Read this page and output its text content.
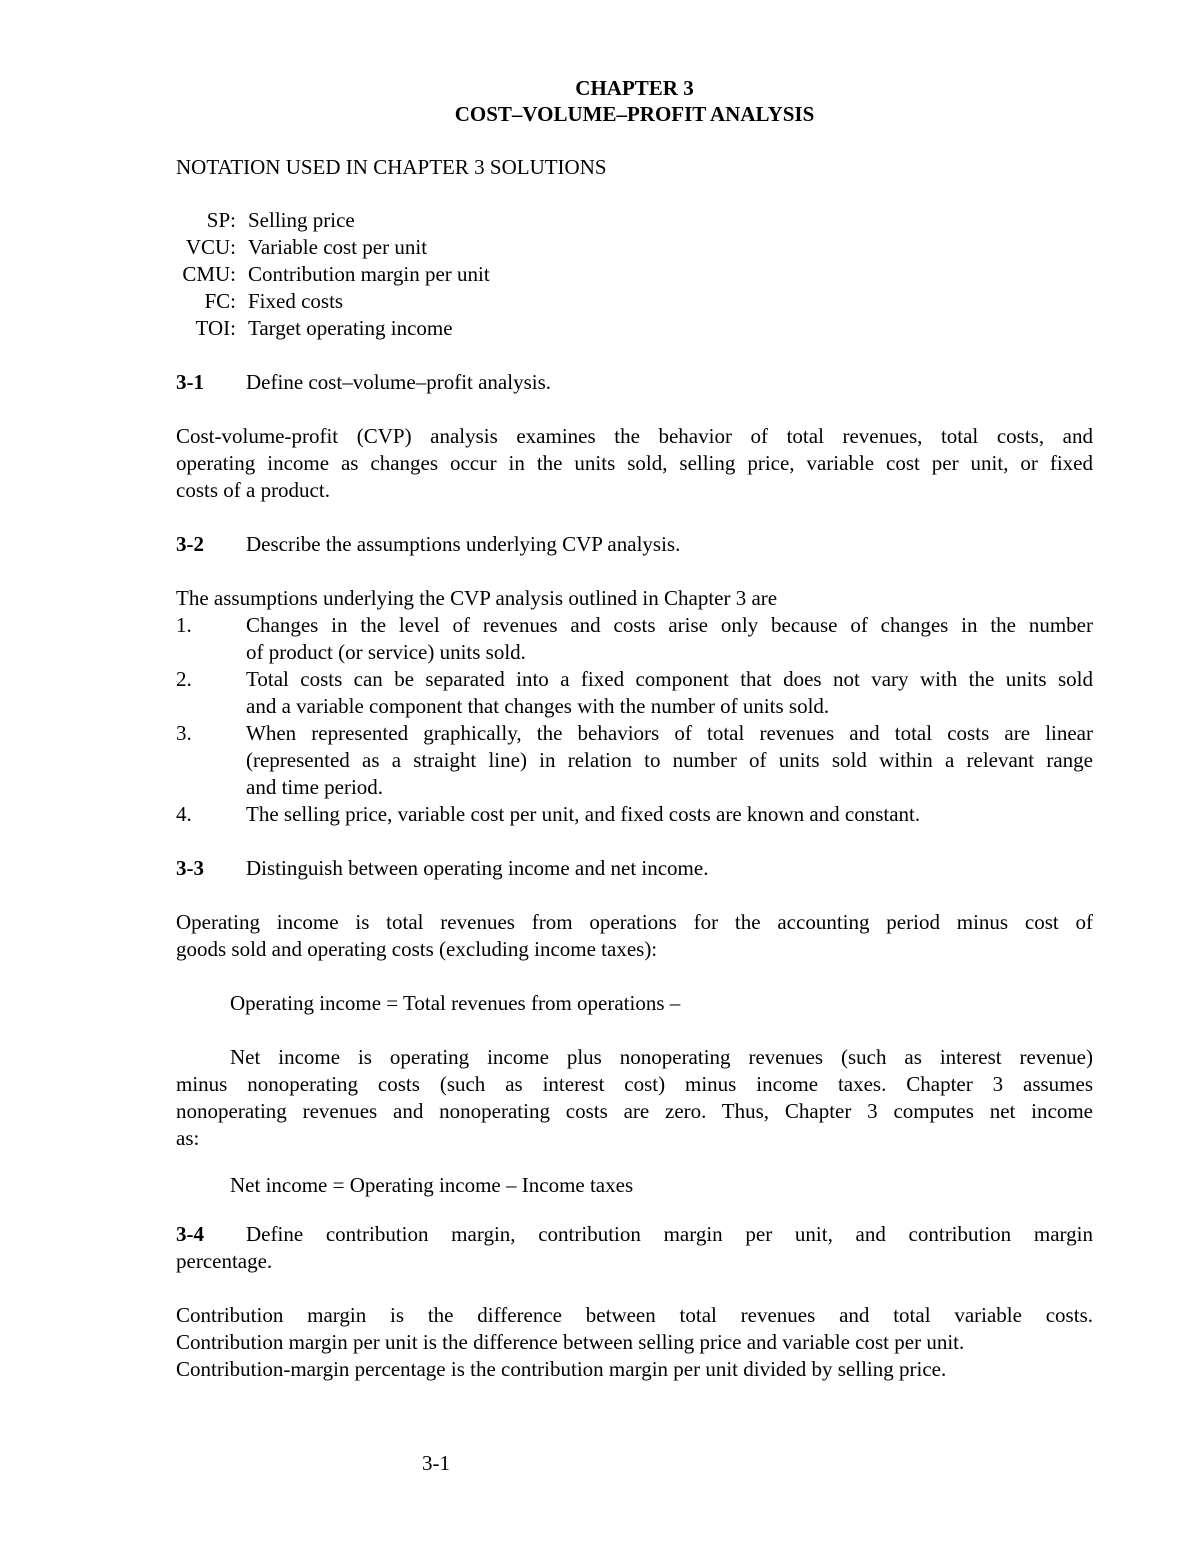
CHAPTER 3
COST–VOLUME–PROFIT ANALYSIS
NOTATION USED IN CHAPTER 3 SOLUTIONS
SP: Selling price
VCU: Variable cost per unit
CMU: Contribution margin per unit
FC: Fixed costs
TOI: Target operating income
3-1 Define cost–volume–profit analysis.
Cost-volume-profit (CVP) analysis examines the behavior of total revenues, total costs, and
operating income as changes occur in the units sold, selling price, variable cost per unit, or fixed
costs of a product.
3-2 Describe the assumptions underlying CVP analysis.
The assumptions underlying the CVP analysis outlined in Chapter 3 are
1.	Changes in the level of revenues and costs arise only because of changes in the number
of product (or service) units sold.
2.	Total costs can be separated into a fixed component that does not vary with the units sold
and a variable component that changes with the number of units sold.
3.	When represented graphically, the behaviors of total revenues and total costs are linear
(represented as a straight line) in relation to number of units sold within a relevant range
and time period.
4.	The selling price, variable cost per unit, and fixed costs are known and constant.
3-3 Distinguish between operating income and net income.
Operating income is total revenues from operations for the accounting period minus cost of
goods sold and operating costs (excluding income taxes):
Operating income = Total revenues from operations –
Net income is operating income plus nonoperating revenues (such as interest revenue)
minus nonoperating costs (such as interest cost) minus income taxes. Chapter 3 assumes
nonoperating revenues and nonoperating costs are zero. Thus, Chapter 3 computes net income
as:
Net income = Operating income – Income taxes
3-4 Define contribution margin, contribution margin per unit, and contribution margin
percentage.
Contribution margin is the difference between total revenues and total variable costs.
Contribution margin per unit is the difference between selling price and variable cost per unit.
Contribution-margin percentage is the contribution margin per unit divided by selling price.
3-1
